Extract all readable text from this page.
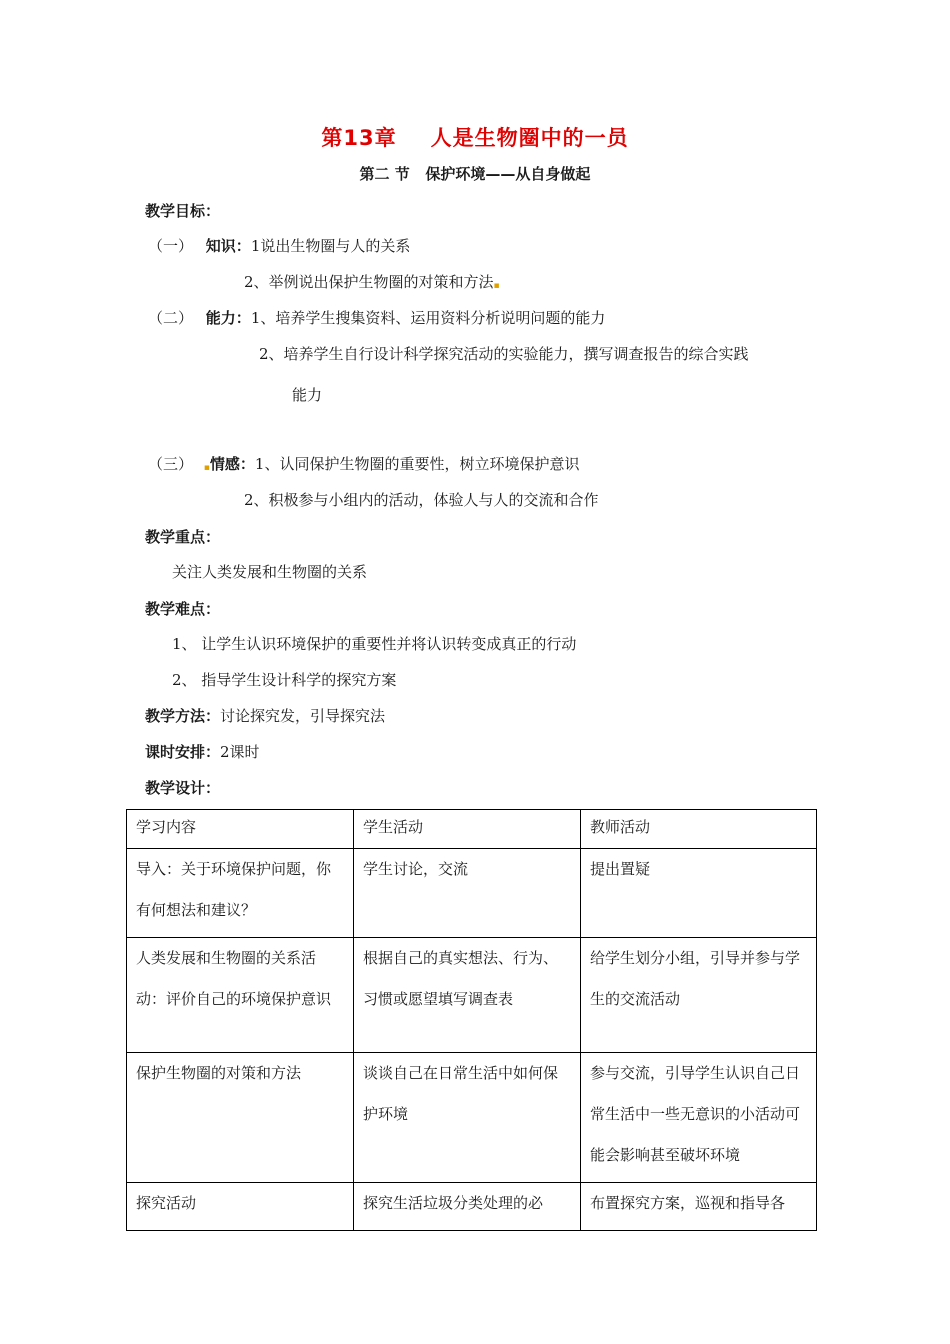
第13章 人是生物圈中的一员
第二 节   保护环境——从自身做起
教学目标：
（一） 知识：1说出生物圈与人的关系
2、举例说出保护生物圈的对策和方法▪
（二） 能力：1、培养学生搜集资料、运用资料分析说明问题的能力
2、培养学生自行设计科学探究活动的实验能力，撰写调查报告的综合实践
能力
（三） ▪情感：1、认同保护生物圈的重要性，树立环境保护意识
2、积极参与小组内的活动，体验人与人的交流和合作
教学重点：
关注人类发展和生物圈的关系
教学难点：
1、 让学生认识环境保护的重要性并将认识转变成真正的行动
2、 指导学生设计科学的探究方案
教学方法：讨论探究发，引导探究法
课时安排：2课时
教学设计：
学习内容	学生活动	教师活动
导入：关于环境保护问题，你有何想法和建议？	学生讨论，交流	提出置疑
人类发展和生物圈的关系活动：评价自己的环境保护意识	根据自己的真实想法、行为、习惯或愿望填写调查表	给学生划分小组，引导并参与学生的交流活动
保护生物圈的对策和方法	谈谈自己在日常生活中如何保护环境	参与交流，引导学生认识自己日常生活中一些无意识的小活动可能会影响甚至破坏环境
探究活动	探究生活垃圾分类处理的必	布置探究方案，巡视和指导各
